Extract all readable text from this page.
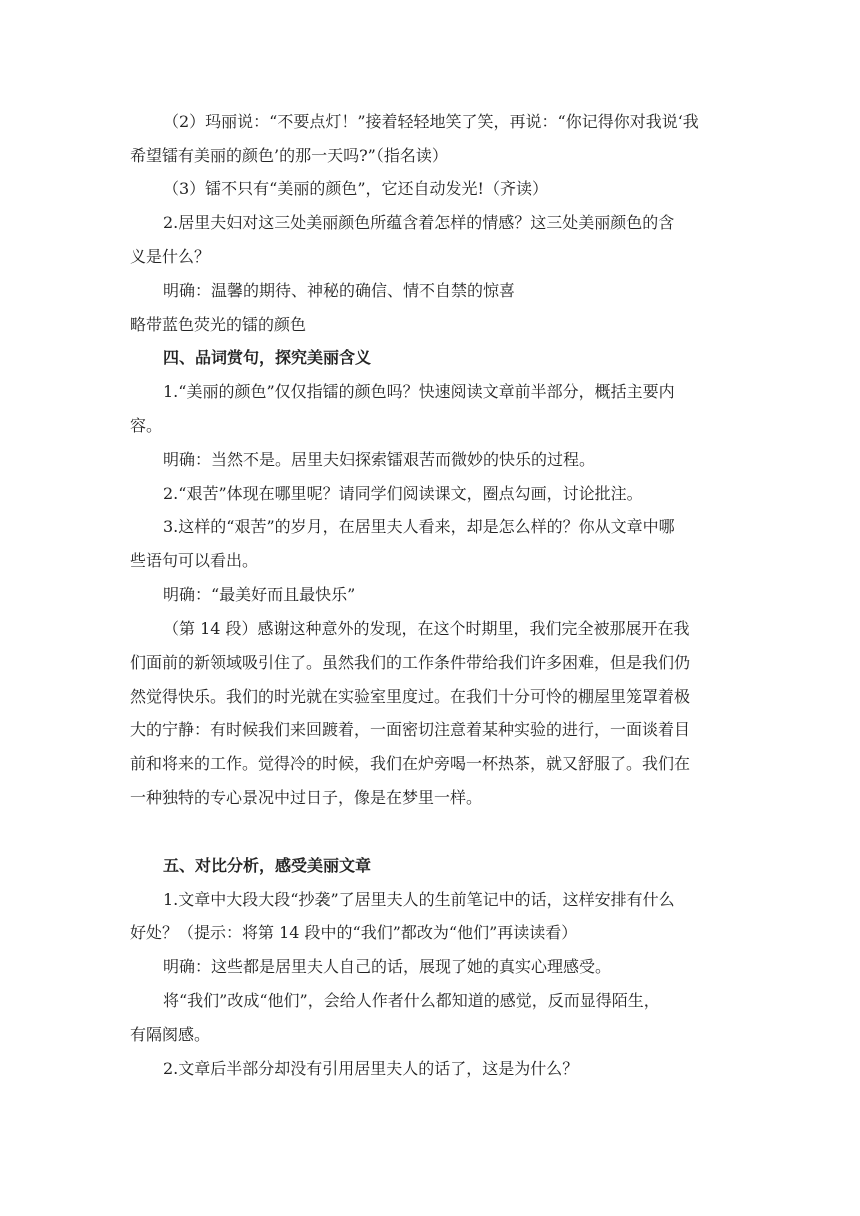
（2）玛丽说：“不要点灯！”接着轻轻地笑了笑，再说：“你记得你对我说‘我
希望镭有美丽的颜色’的那一天吗?”（指名读）
（3）镭不只有“美丽的颜色”，它还自动发光!（齐读）
2.居里夫妇对这三处美丽颜色所蕴含着怎样的情感？这三处美丽颜色的含
义是什么？
明确：温馨的期待、神秘的确信、情不自禁的惊喜
略带蓝色荧光的镭的颜色
四、品词赏句，探究美丽含义
1.“美丽的颜色”仅仅指镭的颜色吗？快速阅读文章前半部分，概括主要内
容。
明确：当然不是。居里夫妇探索镭艰苦而微妙的快乐的过程。
2.“艰苦”体现在哪里呢？请同学们阅读课文，圈点勾画，讨论批注。
3.这样的“艰苦”的岁月，在居里夫人看来，却是怎么样的？你从文章中哪
些语句可以看出。
明确：“最美好而且最快乐”
（第 14 段）感谢这种意外的发现，在这个时期里，我们完全被那展开在我
们面前的新领域吸引住了。虽然我们的工作条件带给我们许多困难，但是我们仍
然觉得快乐。我们的时光就在实验室里度过。在我们十分可怜的棚屋里笼罩着极
大的宁静：有时候我们来回踱着，一面密切注意着某种实验的进行，一面谈着目
前和将来的工作。觉得冷的时候，我们在炉旁喝一杯热茶，就又舒服了。我们在
一种独特的专心景况中过日子，像是在梦里一样。
五、对比分析，感受美丽文章
1.文章中大段大段“抄袭”了居里夫人的生前笔记中的话，这样安排有什么
好处？（提示：将第 14 段中的“我们”都改为“他们”再读读看）
明确：这些都是居里夫人自己的话，展现了她的真实心理感受。
将“我们”改成“他们”，会给人作者什么都知道的感觉，反而显得陌生，
有隔阂感。
2.文章后半部分却没有引用居里夫人的话了，这是为什么？
